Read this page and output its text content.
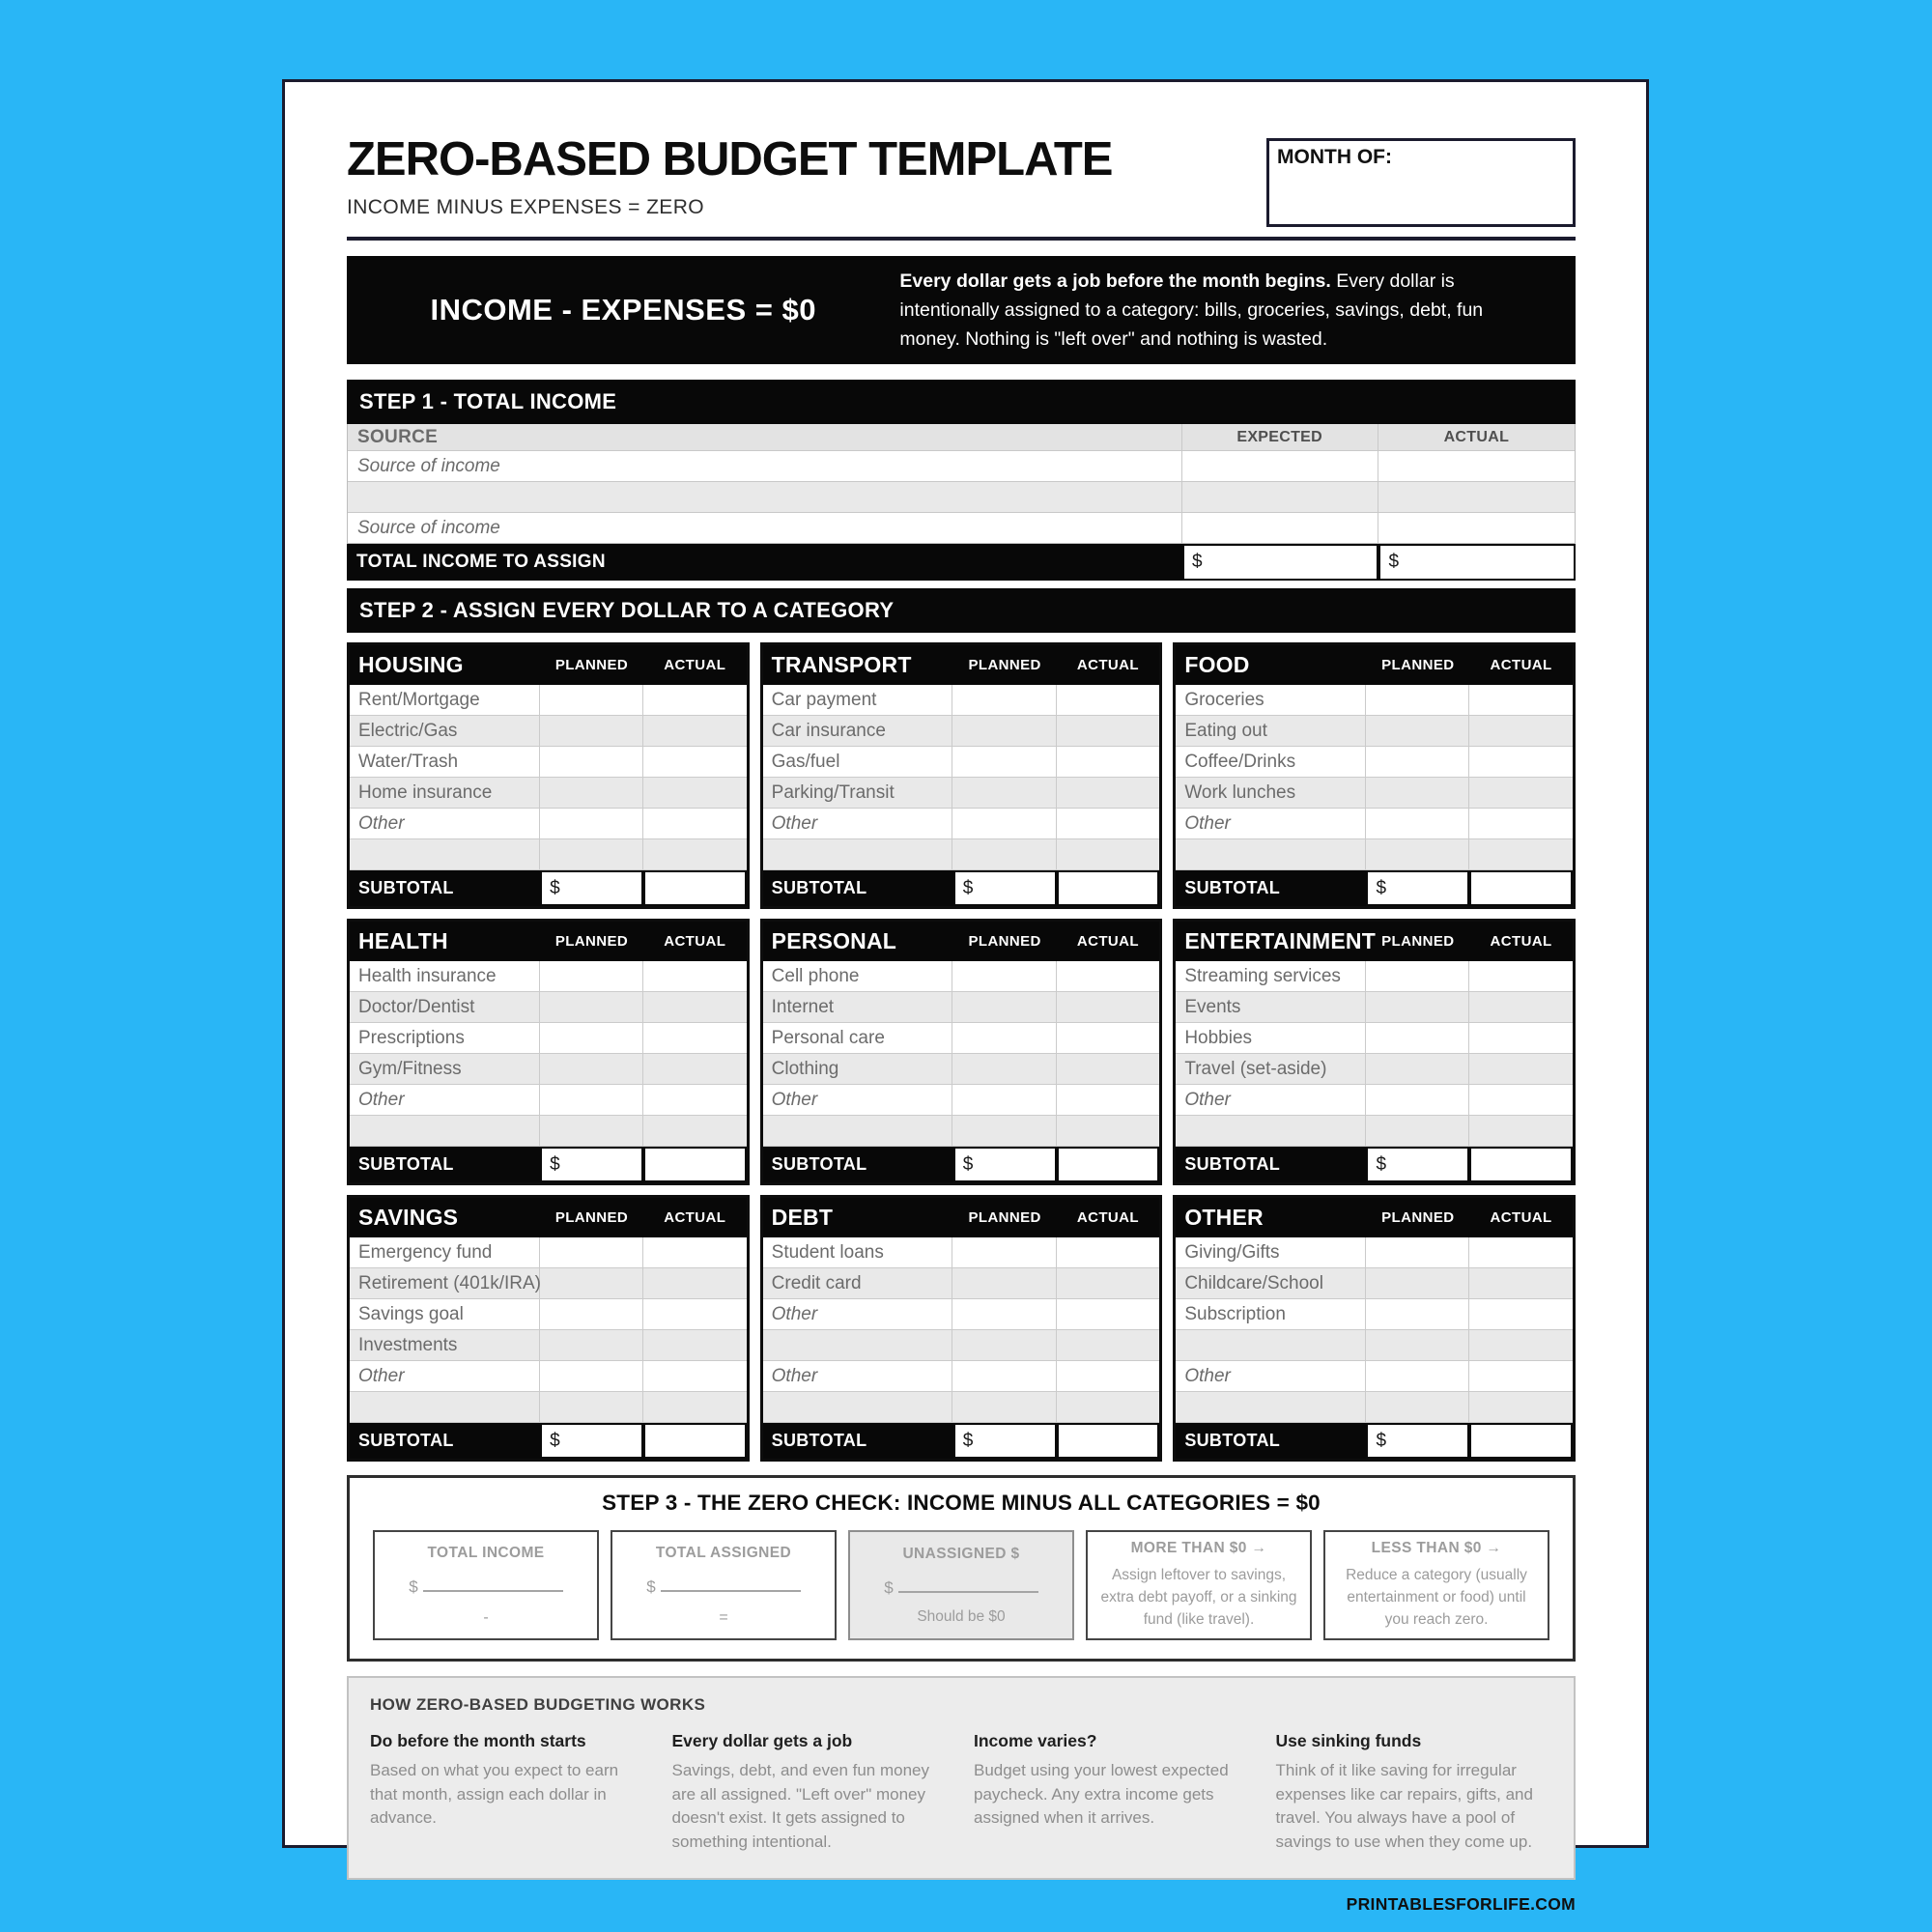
ZERO-BASED BUDGET TEMPLATE
INCOME MINUS EXPENSES = ZERO
MONTH OF:
INCOME - EXPENSES = $0
Every dollar gets a job before the month begins. Every dollar is intentionally assigned to a category: bills, groceries, savings, debt, fun money. Nothing is "left over" and nothing is wasted.
STEP 1 - TOTAL INCOME
SOURCE	EXPECTED	ACTUAL
Source of income
Source of income
TOTAL INCOME TO ASSIGN	$	$
STEP 2 - ASSIGN EVERY DOLLAR TO A CATEGORY
HOUSING	PLANNED	ACTUAL
Rent/Mortgage
Electric/Gas
Water/Trash
Home insurance
Other
SUBTOTAL	$
TRANSPORT	PLANNED	ACTUAL
Car payment
Car insurance
Gas/fuel
Parking/Transit
Other
SUBTOTAL	$
FOOD	PLANNED	ACTUAL
Groceries
Eating out
Coffee/Drinks
Work lunches
Other
SUBTOTAL	$
HEALTH	PLANNED	ACTUAL
Health insurance
Doctor/Dentist
Prescriptions
Gym/Fitness
Other
SUBTOTAL	$
PERSONAL	PLANNED	ACTUAL
Cell phone
Internet
Personal care
Clothing
Other
SUBTOTAL	$
ENTERTAINMENT PLANNED	ACTUAL
Streaming services
Events
Hobbies
Travel (set-aside)
Other
SUBTOTAL	$
SAVINGS	PLANNED	ACTUAL
Emergency fund
Retirement (401k/IRA)
Savings goal
Investments
Other
SUBTOTAL	$
DEBT	PLANNED	ACTUAL
Student loans
Credit card
Other
Other
SUBTOTAL	$
OTHER	PLANNED	ACTUAL
Giving/Gifts
Childcare/School
Subscription
Other
SUBTOTAL	$
STEP 3 - THE ZERO CHECK: INCOME MINUS ALL CATEGORIES = $0
TOTAL INCOME
$
-
TOTAL ASSIGNED
$
=
UNASSIGNED $
$
Should be $0
MORE THAN $0 →
Assign leftover to savings, extra debt payoff, or a sinking fund (like travel).
LESS THAN $0 →
Reduce a category (usually entertainment or food) until you reach zero.
HOW ZERO-BASED BUDGETING WORKS
Do before the month starts
Based on what you expect to earn that month, assign each dollar in advance.
Every dollar gets a job
Savings, debt, and even fun money are all assigned. "Left over" money doesn't exist. It gets assigned to something intentional.
Income varies?
Budget using your lowest expected paycheck. Any extra income gets assigned when it arrives.
Use sinking funds
Think of it like saving for irregular expenses like car repairs, gifts, and travel. You always have a pool of savings to use when they come up.
PRINTABLESFORLIFE.COM
